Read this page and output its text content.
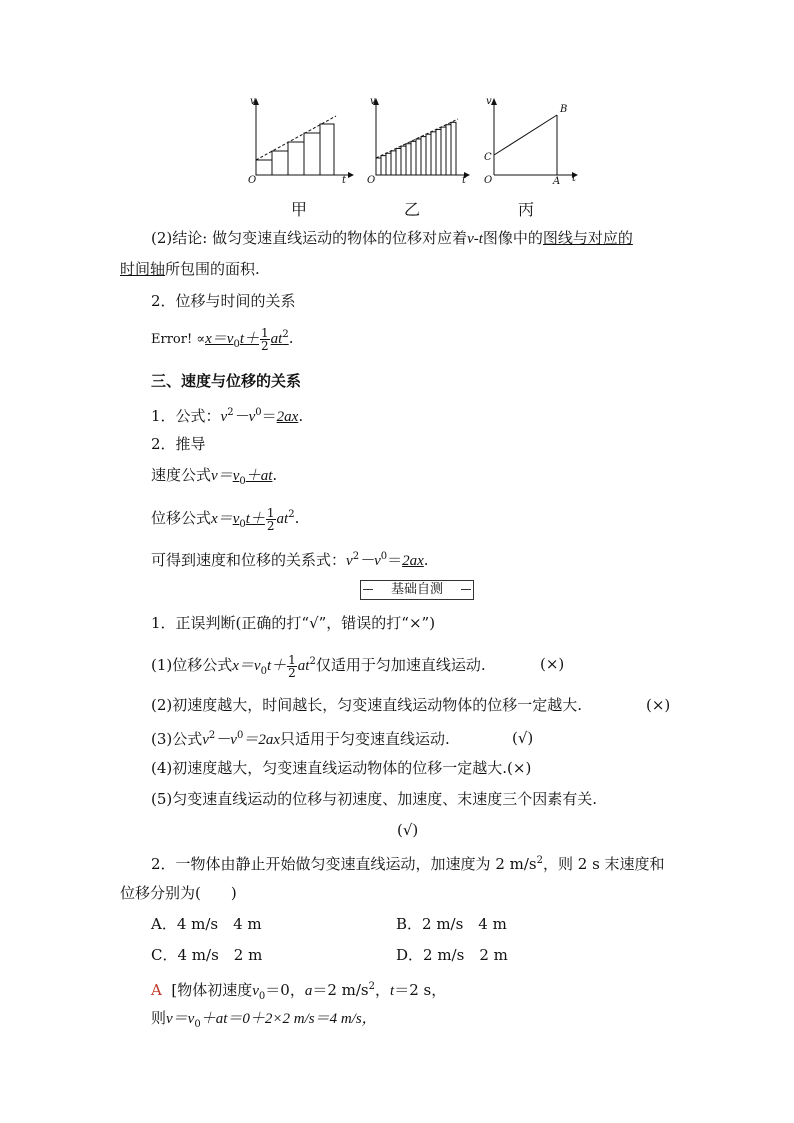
v
O	t
v
O	t
v
B
C
O	A t
甲	乙	丙
(2)结论: 做匀变速直线运动的物体的位移对应着v-t图像中的图线与对应的
时间轴所包围的面积.
2．位移与时间的关系
Error! $\propto x=v_0t+ \frac{1}{2} at^2$.
三、速度与位移的关系
1．公式：$v^2-v^0=2ax$.
2．推导
速度公式$v=v_0+at$.
位移公式$x=v_0t+ \frac{1}{2} at^2$.
可得到速度和位移的关系式：$v^2-v^0=2ax$.
基础自测
1．正误判断(正确的打“√”，错误的打“×”)
(1)位移公式$x=v_0t+ \frac{1}{2} at^2$仅适用于匀加速直线运动.	(×)
(2)初速度越大，时间越长，匀变速直线运动物体的位移一定越大.	(×)
(3)公式$v^2-v^0=2ax$只适用于匀变速直线运动.	(√)
(4)初速度越大，匀变速直线运动物体的位移一定越大.(×)
(5)匀变速直线运动的位移与初速度、加速度、末速度三个因素有关.
(√)
2．一物体由静止开始做匀变速直线运动，加速度为 2 $m/s^2$，则 2 s 末速度和
位移分别为(　　)
A．4 m/s　4 m	B．2 m/s　4 m
C．4 m/s　2 m	D．2 m/s　2 m
A [物体初速度$v_0=0$，a＝2 $m/s^2$，t＝2 s，
则$v=v_0+at=0+2\times 2$ m/s＝4 m/s，
